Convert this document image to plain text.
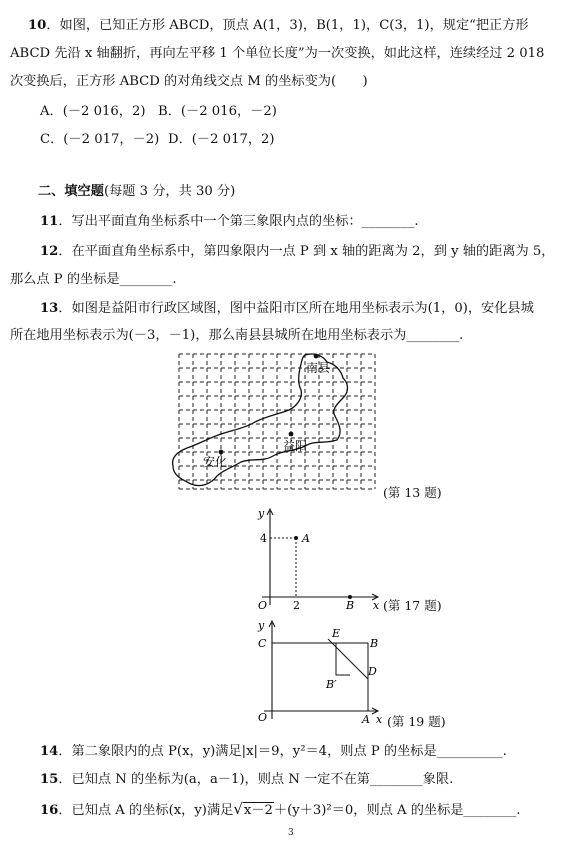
10．如图，已知正方形 ABCD，顶点 A(1，3)，B(1，1)，C(3，1)，规定“把正方形
ABCD 先沿 x 轴翻折，再向左平移 1 个单位长度”为一次变换，如此这样，连续经过 2 018
次变换后，正方形 ABCD 的对角线交点 M 的坐标变为(　　)
A．(－2 016，2) B．(－2 016，－2)
C．(－2 017，－2) D．(－2 017，2)
二、填空题(每题 3 分，共 30 分)
11．写出平面直角坐标系中一个第三象限内点的坐标：________.
12．在平面直角坐标系中，第四象限内一点 P 到 x 轴的距离为 2，到 y 轴的距离为 5，
那么点 P 的坐标是________.
13．如图是益阳市行政区域图，图中益阳市区所在地用坐标表示为(1，0)，安化县城
所在地用坐标表示为(－3，－1)，那么南县县城所在地用坐标表示为________.
南县
益阳
安化
(第 13 题)
y
4	A
O 2	B x (第 17 题)
y
C
E
B
D
B′
O	A x (第 19 题)
14．第二象限内的点 P(x，y)满足|x|＝9，y²＝4，则点 P 的坐标是__________.
15．已知点 N 的坐标为(a，a－1)，则点 N 一定不在第________象限.
16．已知点 A 的坐标(x，y)满足√x－2＋(y＋3)²＝0，则点 A 的坐标是________.
3
